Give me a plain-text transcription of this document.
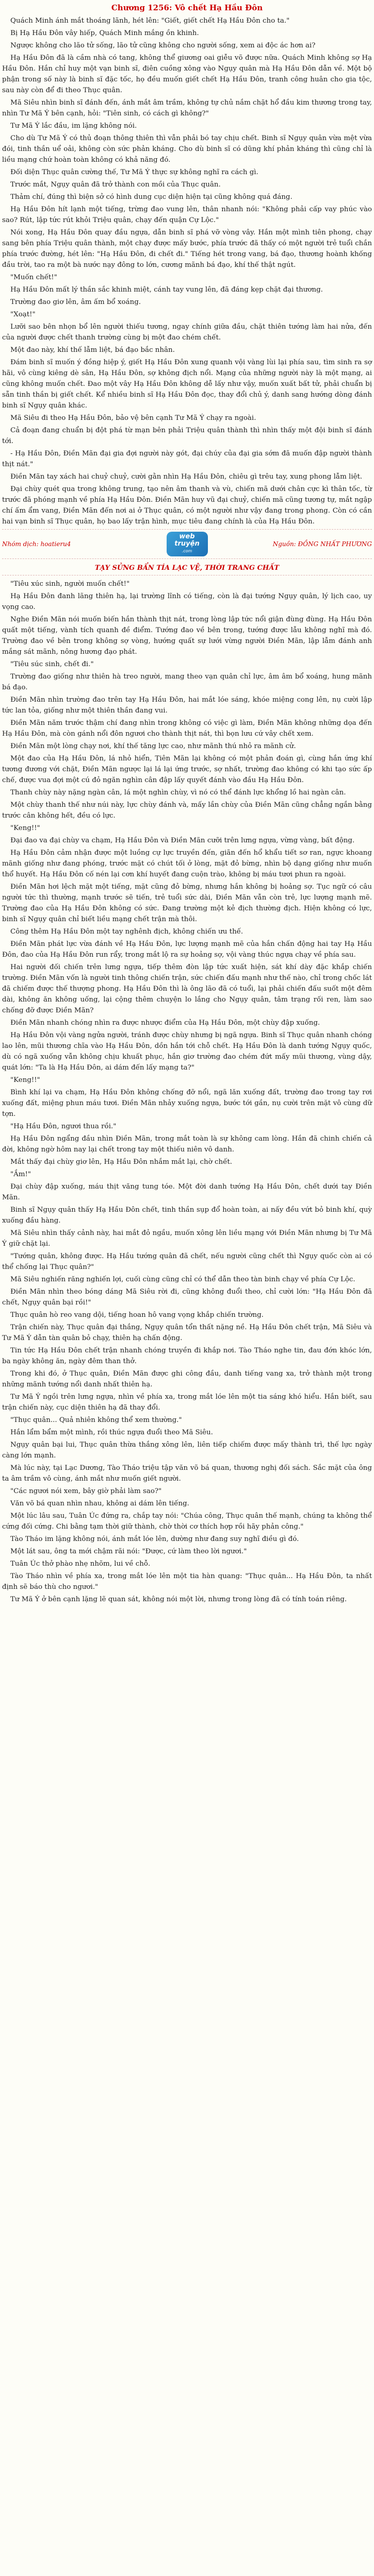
Chương 1256: Vô chết Hạ Hầu Đôn

Quách Minh ánh mắt thoáng lãnh, hét lên: "Giết, giết chết Hạ Hầu Đôn cho ta."

Bị Hạ Hầu Đôn vây hiếp, Quách Minh mắng ồn khinh.

Ngược không cho lão tử sống, lão tử cũng không cho người sống, xem ai độc ác hơn ai?

Hạ Hầu Đôn đã là cầm nhà có tang, không thể giương oai giễu võ được nữa. Quách Minh không sợ Hạ Hầu Đôn. Hắn chỉ huy một vạn binh sĩ, điên cuồng xông vào Ngụy quân mà Hạ Hầu Đôn dẫn về. Một bộ phận trong số này là binh sĩ đặc tốc, họ đều muốn giết chết Hạ Hầu Đôn, tranh công huân cho gia tộc, sau này còn để đi theo Thục quân.

Mã Siêu nhìn binh sĩ đánh đến, ánh mắt âm trầm, không tự chủ nắm chặt hổ đầu kim thương trong tay, nhìn Tư Mã Ý bên cạnh, hỏi: "Tiên sinh, có cách gì không?"

Tư Mã Ý lắc đầu, im lặng không nói.

Cho dù Tư Mã Ý có thủ đoạn thông thiên thì vẫn phải bó tay chịu chết. Binh sĩ Ngụy quân vừa mệt vừa đói, tinh thần uể oải, không còn sức phản kháng. Cho dù binh sĩ có dũng khí phản kháng thì cũng chỉ là liều mạng chứ hoàn toàn không có khả năng đó.

Đối diện Thục quân cường thế, Tư Mã Ý thực sự không nghĩ ra cách gì.

Trước mắt, Ngụy quân đã trở thành con mồi của Thục quân.

Thảm chí, đúng thì biện sở có hình dung cục diện hiện tại cũng không quá đáng.

Hạ Hầu Đôn hít lạnh một tiếng, trừng đao vung lên, thân nhanh nói: "Không phải cấp vay phúc vào sao? Rút, lập tức rút khỏi Triệu quân, chạy đến quận Cự Lộc."

Nói xong, Hạ Hầu Đôn quay đầu ngựa, dẫn binh sĩ phá vỡ vòng vây. Hắn một mình tiên phong, chạy sang bên phía Triệu quân thành, một chạy được mấy bước, phía trước đã thấy có một người trẻ tuổi chắn phía trước đường, hét lên: "Hạ Hầu Đôn, đi chết đi." Tiếng hét trong vang, bá đạo, thương hoành khống đầu trời, tao ra một bà nước nạy đông to lớn, cương mãnh bá đạo, khí thế thật ngút.

"Muốn chết!"

Hạ Hầu Đôn mất lý thần sắc khinh miệt, cánh tay vung lên, đã đáng kẹp chặt đại thương.

Trường đao giơ lên, âm ấm bổ xoáng.

"Xoạt!"

Lưỡi sao bên nhọn bổ lên người thiếu tương, ngay chính giữa đầu, chặt thiên tướng làm hai nửa, đến của người được chết thanh trường cùng bị một đao chém chết.

Một đao này, khí thế lẫm liệt, bá đạo bắc nhân.

Đám binh sĩ muốn ý đồng hiệp ý, giết Hạ Hầu Đôn xung quanh vội vàng lùi lại phía sau, tìm sinh ra sợ hãi, vô cùng kiêng dè sân, Hạ Hầu Đôn, sợ không địch nổi. Mạng của những người này là một mạng, ai cũng không muốn chết. Đao một vây Hạ Hầu Đôn không dễ lấy như vậy, muốn xuất bất tử, phải chuẩn bị sẵn tinh thần bị giết chết. Kể nhiều binh sĩ Hạ Hầu Đôn đọc, thay đổi chủ ý, danh sang hướng dòng đánh binh sĩ Ngụy quân khác.

Mã Siêu đi theo Hạ Hầu Đôn, bảo vệ bên cạnh Tư Mã Ý chạy ra ngoài.

Cả đoạn đang chuẩn bị đột phá từ mạn bên phải Triệu quân thành thì nhìn thấy một đội binh sĩ đánh tới.

- Hạ Hầu Đôn, Điền Mãn đại gia đợi người này gót, đại chúy của đại gia sớm đã muốn đập người thành thịt nát."

Điền Mãn tay xách hai chuỷ chuỷ, cười gằn nhìn Hạ Hầu Đôn, chiêu gì trêu tay, xung phong lẫm liệt.

Đại chùy quét qua trong không trung, tạo nên âm thanh và vù, chiến mã dưới chân cực kì thân tốc, từ trước đã phóng mạnh về phía Hạ Hầu Đôn. Điền Mãn huy vũ đại chuỷ, chiến mã cũng tương tự, mắt ngập chí ấm ẩm vang, Điền Mãn đến nơi ai ở Thục quân, có một người như vậy đang trong phong. Còn có cần hai vạn binh sĩ Thục quân, họ bao lấy trận hình, mục tiêu đang chính là của Hạ Hầu Đôn.

Nhóm dịch: hoatieru4
web
truyện
.com
Nguồn: ĐỒNG NHẤT PHƯƠNG
TẠY SỬNG BẨN TÍA LẠC VỆ, THỜI TRANG CHẤT

"Tiêu xúc sinh, người muốn chết!"

Hạ Hầu Đôn đanh lãng thiên hạ, lại trường lĩnh có tiếng, còn là đại tướng Ngụy quân, lý lịch cao, uy vọng cao.

Nghe Điền Mãn nói muốn biến hắn thành thịt nát, trong lòng lập tức nổi giận đùng đùng. Hạ Hầu Đôn quất một tiếng, vành tích quanh đề điểm. Tướng đao về bên trong, tướng được lẫu không nghĩ mà đó. Trường đao về bên trong không sợ vòng, hướng quất sự lưới vừng người Điền Mãn, lập lẫm đánh anh mắng sát mãnh, nông hương đạo phát.

"Tiêu súc sinh, chết đi."

Trường đao giống như thiên hà treo người, mang theo vạn quân chỉ lực, âm âm bổ xoáng, hung mãnh bá đạo.

Điền Mãn nhìn trường đao trên tay Hạ Hầu Đôn, hai mắt lóe sáng, khóe miệng cong lên, nụ cười lập tức lan tỏa, giống như một thiên thần đang vui.

Điền Mãn năm trước thậm chí đang nhìn trong không có việc gì làm, Điền Mãn không những dọa đến Hạ Hầu Đôn, mà còn gánh nổi đôn ngươi cho thành thịt nát, thì bọn lưu cứ vây chết xem.

Điền Mãn một lòng chạy nơi, khí thế tăng lực cao, như mãnh thú nhỏ ra mãnh cử.

Một đao của Hạ Hầu Đôn, lá nhỏ hiển, Tiên Mãn lại không có một phản đoán gì, cùng hắn ứng khí tương đương với chặt, Điền Mãn ngược lại lá lại ứng trước, sợ nhất, trường đao không có khi tạo sức ấp chế, được vua đợi một cú đỏ ngăn nghìn cân đập lấy quyết đánh vào đầu Hạ Hầu Đôn.

Thanh chùy này nặng ngàn cân, lá một nghìn chùy, vì nó có thể đánh lực khổng lồ hai ngàn cân.

Một chùy thanh thế như núi này, lực chùy đánh và, mấy lần chùy của Điền Mãn cũng chẳng ngắn bằng trước cân không hết, đều có lực.

"Keng!!"

Đại đao va đại chùy va chạm, Hạ Hầu Đôn và Điền Mãn cưỡi trên lưng ngựa, vừng vàng, bất động.

Hạ Hầu Đôn cảm nhận được một luồng cự lực truyền đến, giãn đến hổ khẩu tiết sơ ran, ngực khoang mãnh giống như đang phóng, trước mặt có chút tối ở lòng, mặt đỏ bừng, nhìn bộ dạng giống như muốn thổ huyết. Hạ Hầu Đôn cố nén lại cơn khí huyết đang cuộn trào, không bị máu tươi phun ra ngoài.

Điền Mãn hơi lệch mặt một tiếng, mặt cũng đỏ bừng, nhưng hắn không bị hoảng sợ. Tục ngữ có câu người tức thì thường, mạnh trước sẽ tiến, trẻ tuổi sức dài, Điền Mãn vẫn còn trẻ, lực lượng mạnh mẽ. Trường đao của Hạ Hầu Đôn không có sức. Đang trường một kẻ địch thường địch. Hiện không có lực, binh sĩ Ngụy quân chỉ biết liều mạng chết trận mà thôi.

Công thêm Hạ Hầu Đôn một tay nghênh địch, không chiến ưu thế.

Điền Mãn phát lực vừa đánh về Hạ Hầu Đôn, lực lượng mạnh mẽ của hắn chấn động hai tay Hạ Hầu Đôn, đao của Hạ Hầu Đôn run rẩy, trong mắt lộ ra sự hoảng sợ, vội vàng thúc ngựa chạy về phía sau.

Hai người đối chiến trên lưng ngựa, tiếp thêm đòn lập tức xuất hiện, sát khí dày đặc khắp chiến trường. Điền Mãn vốn là người tinh thông chiến trận, sức chiến đấu mạnh như thế nào, chỉ trong chốc lát đã chiếm được thế thượng phong. Hạ Hầu Đôn thì là ông lão đã có tuổi, lại phải chiến đấu suốt một đêm dài, không ăn không uống, lại cộng thêm chuyện lo lắng cho Ngụy quân, tâm trạng rối ren, làm sao chống đỡ được Điền Mãn?

Điền Mãn nhanh chóng nhìn ra được nhược điểm của Hạ Hầu Đôn, một chùy đập xuống.

Hạ Hầu Đôn vội vàng ngửa người, tránh được chùy nhưng bị ngã ngựa. Binh sĩ Thục quân nhanh chóng lao lên, mũi thương chĩa vào Hạ Hầu Đôn, dồn hắn tới chỗ chết. Hạ Hầu Đôn là danh tướng Ngụy quốc, dù có ngã xuống vẫn không chịu khuất phục, hắn giơ trường đao chém đứt mấy mũi thương, vùng dậy, quát lớn: "Ta là Hạ Hầu Đôn, ai dám đến lấy mạng ta?"

"Keng!!"

Bình khí lại va chạm, Hạ Hầu Đôn không chống đỡ nổi, ngã lăn xuống đất, trường đao trong tay rơi xuống đất, miệng phun máu tươi. Điền Mãn nhảy xuống ngựa, bước tới gần, nụ cười trên mặt vô cùng dữ tợn.

"Hạ Hầu Đôn, ngươi thua rồi."

Hạ Hầu Đôn ngẩng đầu nhìn Điền Mãn, trong mắt toàn là sự không cam lòng. Hắn đã chinh chiến cả đời, không ngờ hôm nay lại chết trong tay một thiếu niên vô danh.

Mắt thấy đại chùy giơ lên, Hạ Hầu Đôn nhắm mắt lại, chờ chết.

"Ầm!"

Đại chùy đập xuống, máu thịt văng tung tóe. Một đời danh tướng Hạ Hầu Đôn, chết dưới tay Điền Mãn.

Binh sĩ Ngụy quân thấy Hạ Hầu Đôn chết, tinh thần sụp đổ hoàn toàn, ai nấy đều vứt bỏ binh khí, quỳ xuống đầu hàng.

Mã Siêu nhìn thấy cảnh này, hai mắt đỏ ngầu, muốn xông lên liều mạng với Điền Mãn nhưng bị Tư Mã Ý giữ chặt lại.

"Tướng quân, không được. Hạ Hầu tướng quân đã chết, nếu người cũng chết thì Ngụy quốc còn ai có thể chống lại Thục quân?"

Mã Siêu nghiến răng nghiến lợi, cuối cùng cũng chỉ có thể dẫn theo tàn binh chạy về phía Cự Lộc.

Điền Mãn nhìn theo bóng dáng Mã Siêu rời đi, cũng không đuổi theo, chỉ cười lớn: "Hạ Hầu Đôn đã chết, Ngụy quân bại rồi!"

Thục quân hò reo vang dội, tiếng hoan hô vang vọng khắp chiến trường.

Trận chiến này, Thục quân đại thắng, Ngụy quân tổn thất nặng nề. Hạ Hầu Đôn chết trận, Mã Siêu và Tư Mã Ý dẫn tàn quân bỏ chạy, thiên hạ chấn động.

Tin tức Hạ Hầu Đôn chết trận nhanh chóng truyền đi khắp nơi. Tào Tháo nghe tin, đau đớn khóc lớn, ba ngày không ăn, ngày đêm than thở.

Trong khi đó, ở Thục quân, Điền Mãn được ghi công đầu, danh tiếng vang xa, trở thành một trong những mãnh tướng nổi danh nhất thiên hạ.

Tư Mã Ý ngồi trên lưng ngựa, nhìn về phía xa, trong mắt lóe lên một tia sáng khó hiểu. Hắn biết, sau trận chiến này, cục diện thiên hạ đã thay đổi.

"Thục quân... Quả nhiên không thể xem thường."

Hắn lẩm bẩm một mình, rồi thúc ngựa đuổi theo Mã Siêu.

Ngụy quân bại lui, Thục quân thừa thắng xông lên, liên tiếp chiếm được mấy thành trì, thế lực ngày càng lớn mạnh.

Mà lúc này, tại Lạc Dương, Tào Tháo triệu tập văn võ bá quan, thương nghị đối sách. Sắc mặt của ông ta âm trầm vô cùng, ánh mắt như muốn giết người.

"Các ngươi nói xem, bây giờ phải làm sao?"

Văn võ bá quan nhìn nhau, không ai dám lên tiếng.

Một lúc lâu sau, Tuân Úc đứng ra, chắp tay nói: "Chúa công, Thục quân thế mạnh, chúng ta không thể cứng đối cứng. Chi bằng tạm thời giữ thành, chờ thời cơ thích hợp rồi hãy phản công."

Tào Tháo im lặng không nói, ánh mắt lóe lên, dường như đang suy nghĩ điều gì đó.

Một lát sau, ông ta mới chậm rãi nói: "Được, cứ làm theo lời ngươi."

Tuân Úc thở phào nhẹ nhõm, lui về chỗ.

Tào Tháo nhìn về phía xa, trong mắt lóe lên một tia hàn quang: "Thục quân... Hạ Hầu Đôn, ta nhất định sẽ báo thù cho ngươi."

Tư Mã Ý ở bên cạnh lặng lẽ quan sát, không nói một lời, nhưng trong lòng đã có tính toán riêng.
